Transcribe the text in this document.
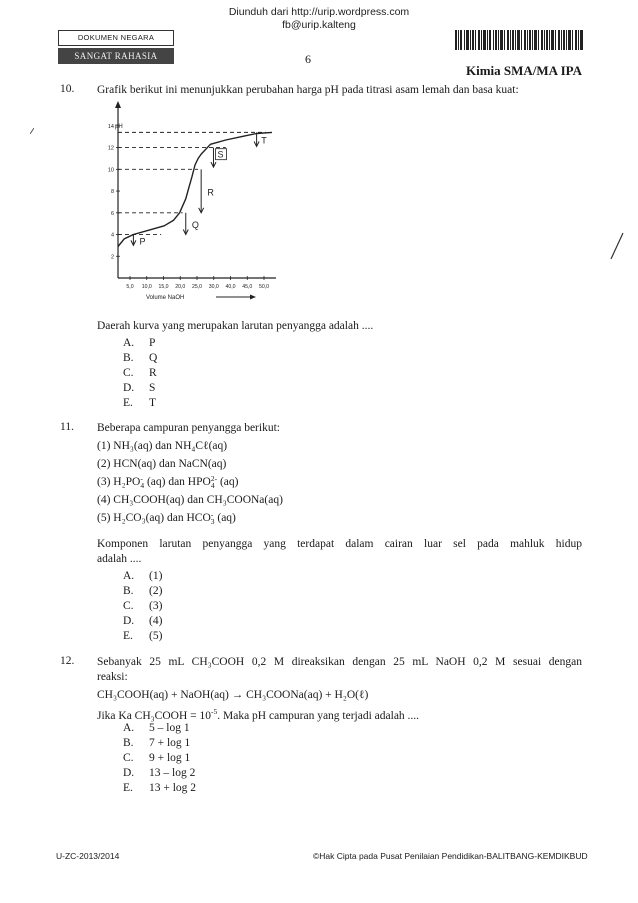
Diunduh dari http://urip.wordpress.com
fb@urip.kalteng
DOKUMEN NEGARA
SANGAT RAHASIA	6
Kimia SMA/MA IPA
10. Grafik berikut ini menunjukkan perubahan harga pH pada titrasi asam lemah dan basa kuat:
2
4
6
8
10
12
14
5,0 10,0 15,0 20,0 25,0 30,0 40,0 45,0 50,0
P
Q
R
S
T
pH
Volume NaOH
Daerah kurva yang merupakan larutan penyangga adalah ....
A. P
B. Q
C. R
D. S
E. T
11. Beberapa campuran penyangga berikut:
(1) NH₃(aq) dan NH₄Cℓ(aq)
(2) HCN(aq) dan NaCN(aq)
(3) H₂PO-
4 (aq) dan HPO2-
4 (aq)
(4) CH₃COOH(aq) dan CH₃COONa(aq)
(5) H₂CO₃(aq) dan HCO-
3 (aq)
Komponen larutan penyangga yang terdapat dalam cairan luar sel pada mahluk hidup
adalah ....
A. (1)
B. (2)
C. (3)
D. (4)
E. (5)
12. Sebanyak 25 mL CH₃COOH 0,2 M direaksikan dengan 25 mL NaOH 0,2 M sesuai dengan
reaksi:
CH₃COOH(aq) + NaOH(aq) → CH₃COONa(aq) + H₂O(ℓ)
Jika Ka CH₃COOH = $10^{-5}$. Maka pH campuran yang terjadi adalah ....
A. 5 – log 1
B. 7 + log 1
C. 9 + log 1
D. 13 – log 2
E. 13 + log 2
U-ZC-2013/2014	©Hak Cipta pada Pusat Penilaian Pendidikan-BALITBANG-KEMDIKBUD
